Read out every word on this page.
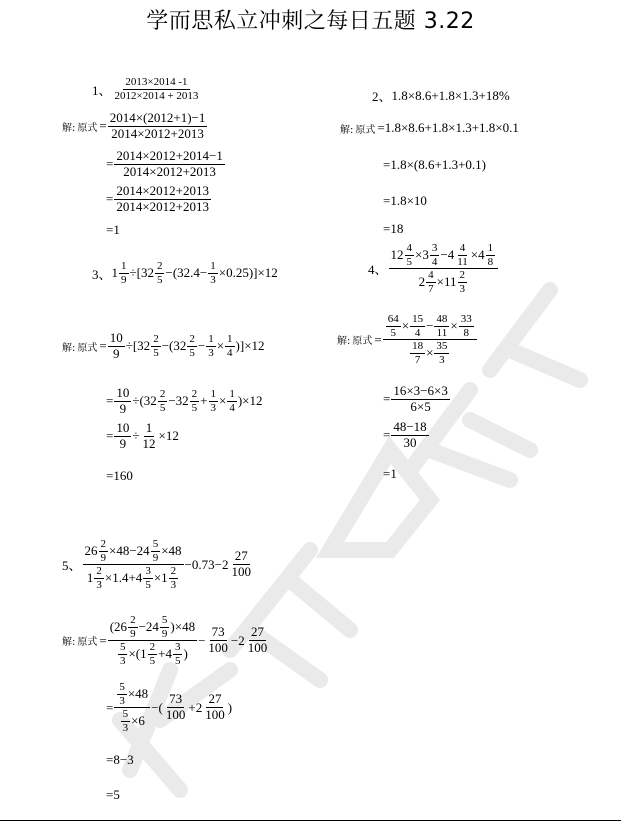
学而思私立冲刺之每日五题 3.22
1、 $\frac{2013\times 2014 -1}{2012\times 2014 + 2013}$
解: 原式 = $\frac{2014\times(2012+1)-1}{2014\times 2012+2013}$
= $\frac{2014\times 2012+2014-1}{2014\times 2012+2013}$
= $\frac{2014\times 2012+2013}{2014\times 2012+2013}$
=1
2、 1.8×8.6+1.8×1.3+18%
解: 原式 =1.8×8.6+1.8×1.3+1.8×0.1
=1.8×(8.6+1.3+0.1)
=1.8×10
=18
3、 $1 \frac{1}{9} \div[32 \frac{2}{5} -(32.4- \frac{1}{3} \times 0.25)]\times 12$
解: 原式 = $\frac{10}{9} \div[32 \frac{2}{5} -(32 \frac{2}{5} - \frac{1}{3} \times \frac{1}{4} )]\times 12$
= $\frac{10}{9} \div(32 \frac{2}{5} -32 \frac{2}{5} + \frac{1}{3} \times \frac{1}{4} )\times 12$
= $\frac{10}{9} \div \frac{1}{12} \times 12$
=160
4、
$12 \frac{4}{5} \times 3 \frac{3}{4} -4 \frac{4}{11} \times 4 \frac{1}{8}$
$2 \frac{4}{7} \times 11 \frac{2}{3}$
解: 原式 = $\frac{\frac{64}{5} \times \frac{15}{4} - \frac{48}{11} \times \frac{33}{8}}{\frac{18}{7} \times \frac{35}{3}}$
= $\frac{16\times 3-6\times 3}{6\times 5}$
= $\frac{48-18}{30}$
=1
5、 $\frac{26 \frac{2}{9} \times 48-24 \frac{5}{9} \times 48}{1 \frac{2}{3} \times 1.4+4 \frac{3}{5} \times 1 \frac{2}{3}} -0.73-2 \frac{27}{100}$
解: 原式 = $\frac{(26 \frac{2}{9} -24 \frac{5}{9} )\times 48}{\frac{5}{3} \times(1 \frac{2}{5} +4 \frac{3}{5} )} - \frac{73}{100} -2 \frac{27}{100}$
= $\frac{\frac{5}{3} \times 48}{\frac{5}{3} \times 6}$ −( $\frac{73}{100} +2 \frac{27}{100}$ )
=8−3
=5
